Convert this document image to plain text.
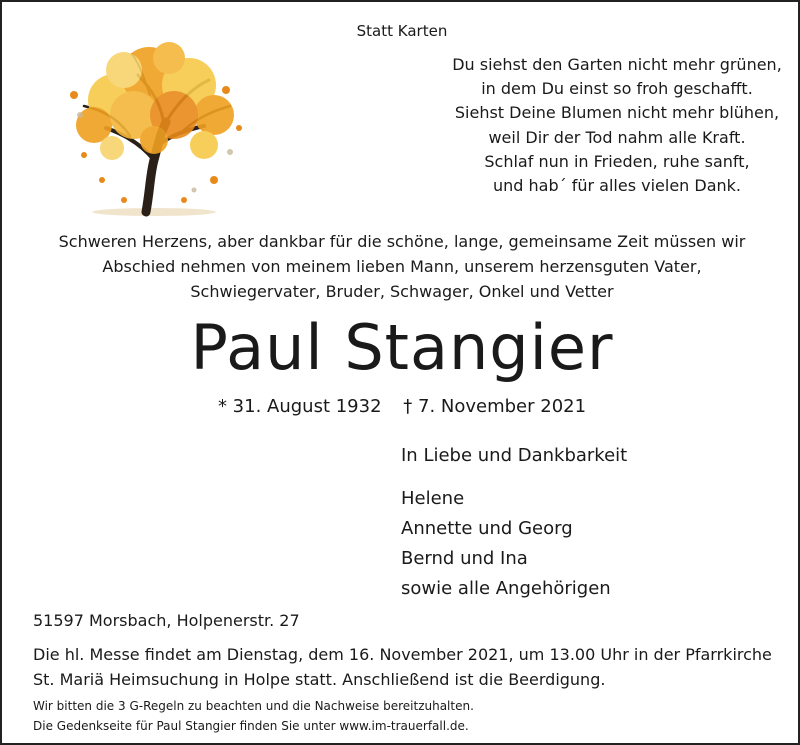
Statt Karten

Du siehst den Garten nicht mehr grünen,
in dem Du einst so froh geschafft.
Siehst Deine Blumen nicht mehr blühen,
weil Dir der Tod nahm alle Kraft.
Schlaf nun in Frieden, ruhe sanft,
und hab´ für alles vielen Dank.
Schweren Herzens, aber dankbar für die schöne, lange, gemeinsame Zeit müssen wir
Abschied nehmen von meinem lieben Mann, unserem herzensguten Vater,
Schwiegervater, Bruder, Schwager, Onkel und Vetter
Paul Stangier
* 31. August 1932 † 7. November 2021
In Liebe und Dankbarkeit
Helene
Annette und Georg
Bernd und Ina
sowie alle Angehörigen
51597 Morsbach, Holpenerstr. 27
Die hl. Messe findet am Dienstag, dem 16. November 2021, um 13.00 Uhr in der Pfarrkirche
St. Mariä Heimsuchung in Holpe statt. Anschließend ist die Beerdigung.
Wir bitten die 3 G-Regeln zu beachten und die Nachweise bereitzuhalten.
Die Gedenkseite für Paul Stangier finden Sie unter www.im-trauerfall.de.
